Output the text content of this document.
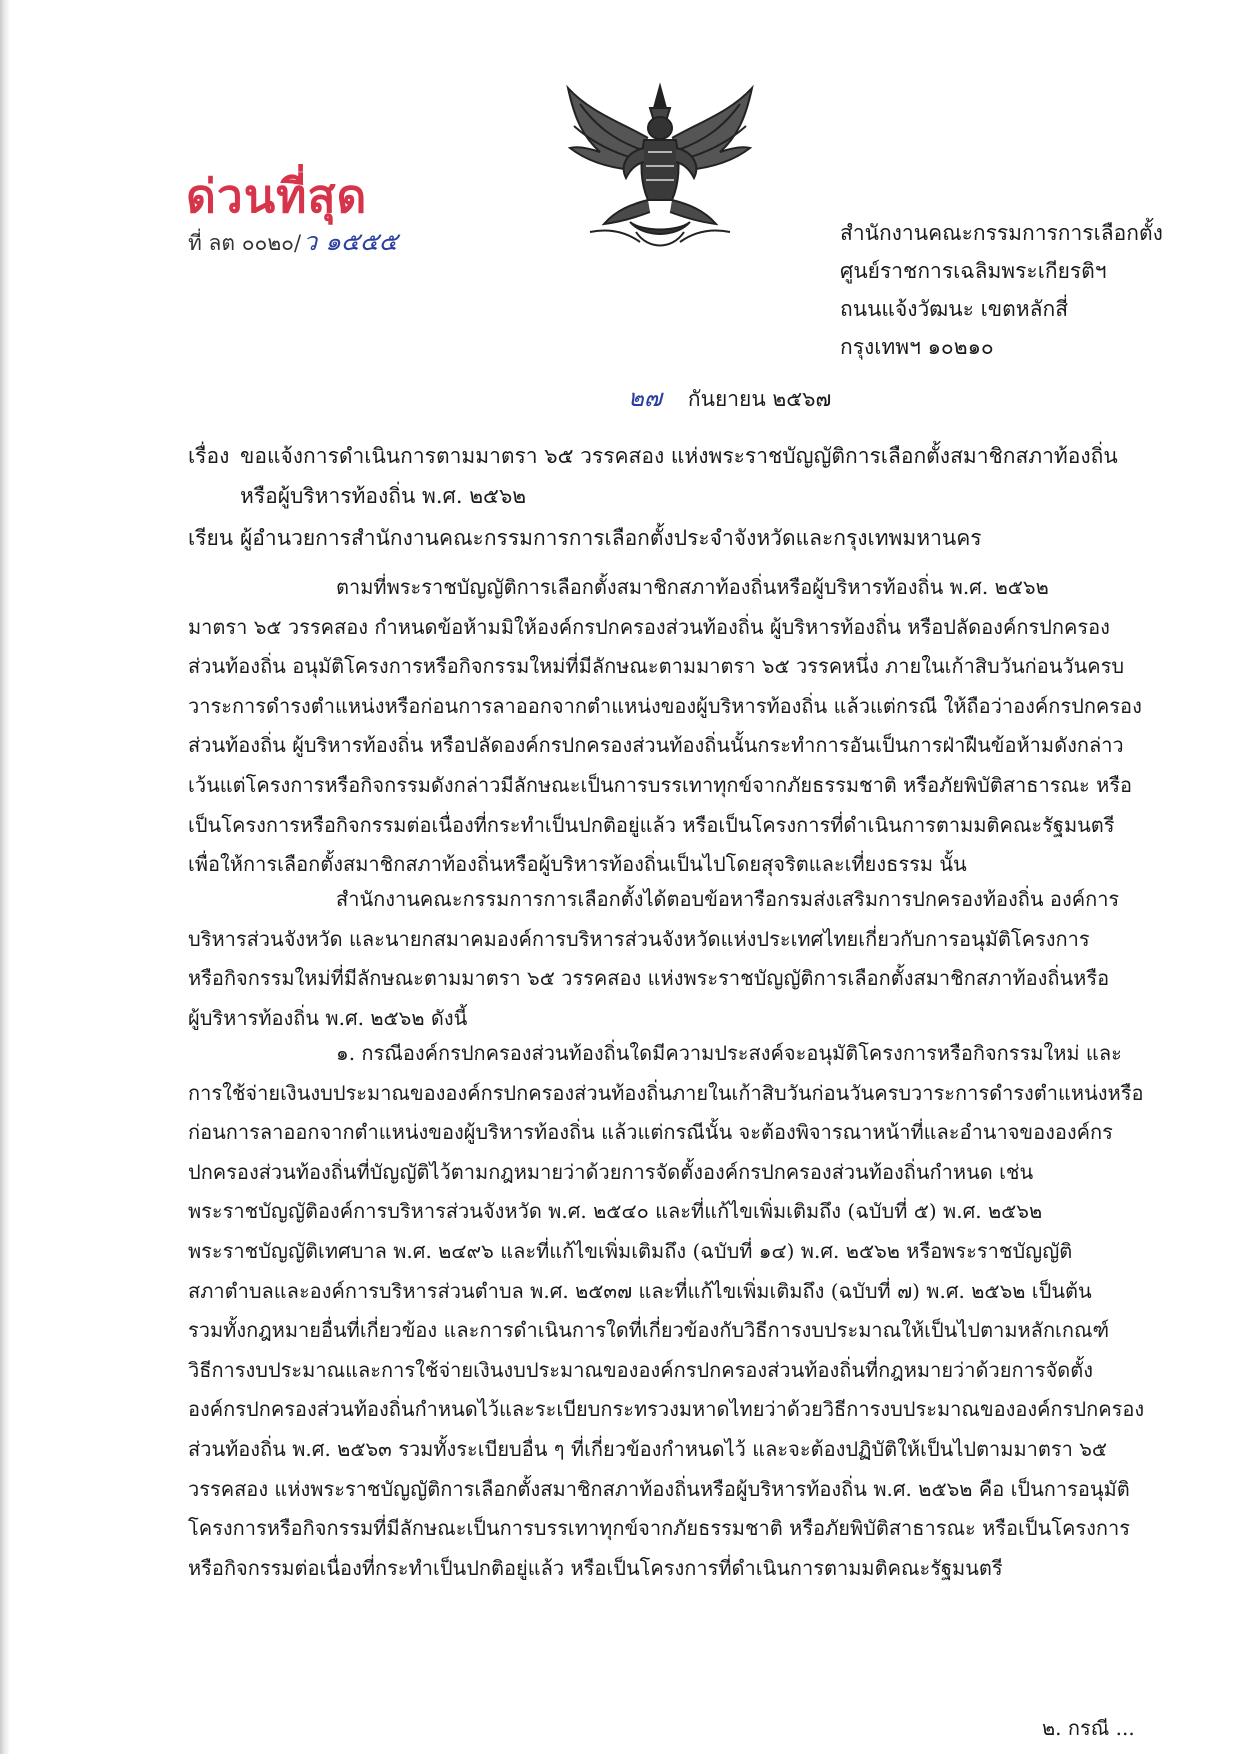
ด่วนที่สุด
ที่ ลต ๐๐๒๐/ว ๑๕๕๕	สำนักงานคณะกรรมการการเลือกตั้ง
ศูนย์ราชการเฉลิมพระเกียรติฯ
ถนนแจ้งวัฒนะ เขตหลักสี่
กรุงเทพฯ ๑๐๒๑๐
๒๗ กันยายน ๒๕๖๗
เรื่อง ขอแจ้งการดำเนินการตามมาตรา ๖๕ วรรคสอง แห่งพระราชบัญญัติการเลือกตั้งสมาชิกสภาท้องถิ่น
หรือผู้บริหารท้องถิ่น พ.ศ. ๒๕๖๒
เรียน ผู้อำนวยการสำนักงานคณะกรรมการการเลือกตั้งประจำจังหวัดและกรุงเทพมหานคร
ตามที่พระราชบัญญัติการเลือกตั้งสมาชิกสภาท้องถิ่นหรือผู้บริหารท้องถิ่น พ.ศ. ๒๕๖๒
มาตรา ๖๕ วรรคสอง กำหนดข้อห้ามมิให้องค์กรปกครองส่วนท้องถิ่น ผู้บริหารท้องถิ่น หรือปลัดองค์กรปกครอง
ส่วนท้องถิ่น อนุมัติโครงการหรือกิจกรรมใหม่ที่มีลักษณะตามมาตรา ๖๕ วรรคหนึ่ง ภายในเก้าสิบวันก่อนวันครบ
วาระการดำรงตำแหน่งหรือก่อนการลาออกจากตำแหน่งของผู้บริหารท้องถิ่น แล้วแต่กรณี ให้ถือว่าองค์กรปกครอง
ส่วนท้องถิ่น ผู้บริหารท้องถิ่น หรือปลัดองค์กรปกครองส่วนท้องถิ่นนั้นกระทำการอันเป็นการฝ่าฝืนข้อห้ามดังกล่าว
เว้นแต่โครงการหรือกิจกรรมดังกล่าวมีลักษณะเป็นการบรรเทาทุกข์จากภัยธรรมชาติ หรือภัยพิบัติสาธารณะ หรือ
เป็นโครงการหรือกิจกรรมต่อเนื่องที่กระทำเป็นปกติอยู่แล้ว หรือเป็นโครงการที่ดำเนินการตามมติคณะรัฐมนตรี
เพื่อให้การเลือกตั้งสมาชิกสภาท้องถิ่นหรือผู้บริหารท้องถิ่นเป็นไปโดยสุจริตและเที่ยงธรรม นั้น
สำนักงานคณะกรรมการการเลือกตั้งได้ตอบข้อหารือกรมส่งเสริมการปกครองท้องถิ่น องค์การ
บริหารส่วนจังหวัด และนายกสมาคมองค์การบริหารส่วนจังหวัดแห่งประเทศไทยเกี่ยวกับการอนุมัติโครงการ
หรือกิจกรรมใหม่ที่มีลักษณะตามมาตรา ๖๕ วรรคสอง แห่งพระราชบัญญัติการเลือกตั้งสมาชิกสภาท้องถิ่นหรือ
ผู้บริหารท้องถิ่น พ.ศ. ๒๕๖๒ ดังนี้
๑. กรณีองค์กรปกครองส่วนท้องถิ่นใดมีความประสงค์จะอนุมัติโครงการหรือกิจกรรมใหม่ และ
การใช้จ่ายเงินงบประมาณขององค์กรปกครองส่วนท้องถิ่นภายในเก้าสิบวันก่อนวันครบวาระการดำรงตำแหน่งหรือ
ก่อนการลาออกจากตำแหน่งของผู้บริหารท้องถิ่น แล้วแต่กรณีนั้น จะต้องพิจารณาหน้าที่และอำนาจขององค์กร
ปกครองส่วนท้องถิ่นที่บัญญัติไว้ตามกฎหมายว่าด้วยการจัดตั้งองค์กรปกครองส่วนท้องถิ่นกำหนด เช่น
พระราชบัญญัติองค์การบริหารส่วนจังหวัด พ.ศ. ๒๕๔๐ และที่แก้ไขเพิ่มเติมถึง (ฉบับที่ ๕) พ.ศ. ๒๕๖๒
พระราชบัญญัติเทศบาล พ.ศ. ๒๔๙๖ และที่แก้ไขเพิ่มเติมถึง (ฉบับที่ ๑๔) พ.ศ. ๒๕๖๒ หรือพระราชบัญญัติ
สภาตำบลและองค์การบริหารส่วนตำบล พ.ศ. ๒๕๓๗ และที่แก้ไขเพิ่มเติมถึง (ฉบับที่ ๗) พ.ศ. ๒๕๖๒ เป็นต้น
รวมทั้งกฎหมายอื่นที่เกี่ยวข้อง และการดำเนินการใดที่เกี่ยวข้องกับวิธีการงบประมาณให้เป็นไปตามหลักเกณฑ์
วิธีการงบประมาณและการใช้จ่ายเงินงบประมาณขององค์กรปกครองส่วนท้องถิ่นที่กฎหมายว่าด้วยการจัดตั้ง
องค์กรปกครองส่วนท้องถิ่นกำหนดไว้และระเบียบกระทรวงมหาดไทยว่าด้วยวิธีการงบประมาณขององค์กรปกครอง
ส่วนท้องถิ่น พ.ศ. ๒๕๖๓ รวมทั้งระเบียบอื่น ๆ ที่เกี่ยวข้องกำหนดไว้ และจะต้องปฏิบัติให้เป็นไปตามมาตรา ๖๕
วรรคสอง แห่งพระราชบัญญัติการเลือกตั้งสมาชิกสภาท้องถิ่นหรือผู้บริหารท้องถิ่น พ.ศ. ๒๕๖๒ คือ เป็นการอนุมัติ
โครงการหรือกิจกรรมที่มีลักษณะเป็นการบรรเทาทุกข์จากภัยธรรมชาติ หรือภัยพิบัติสาธารณะ หรือเป็นโครงการ
หรือกิจกรรมต่อเนื่องที่กระทำเป็นปกติอยู่แล้ว หรือเป็นโครงการที่ดำเนินการตามมติคณะรัฐมนตรี
๒. กรณี ...
